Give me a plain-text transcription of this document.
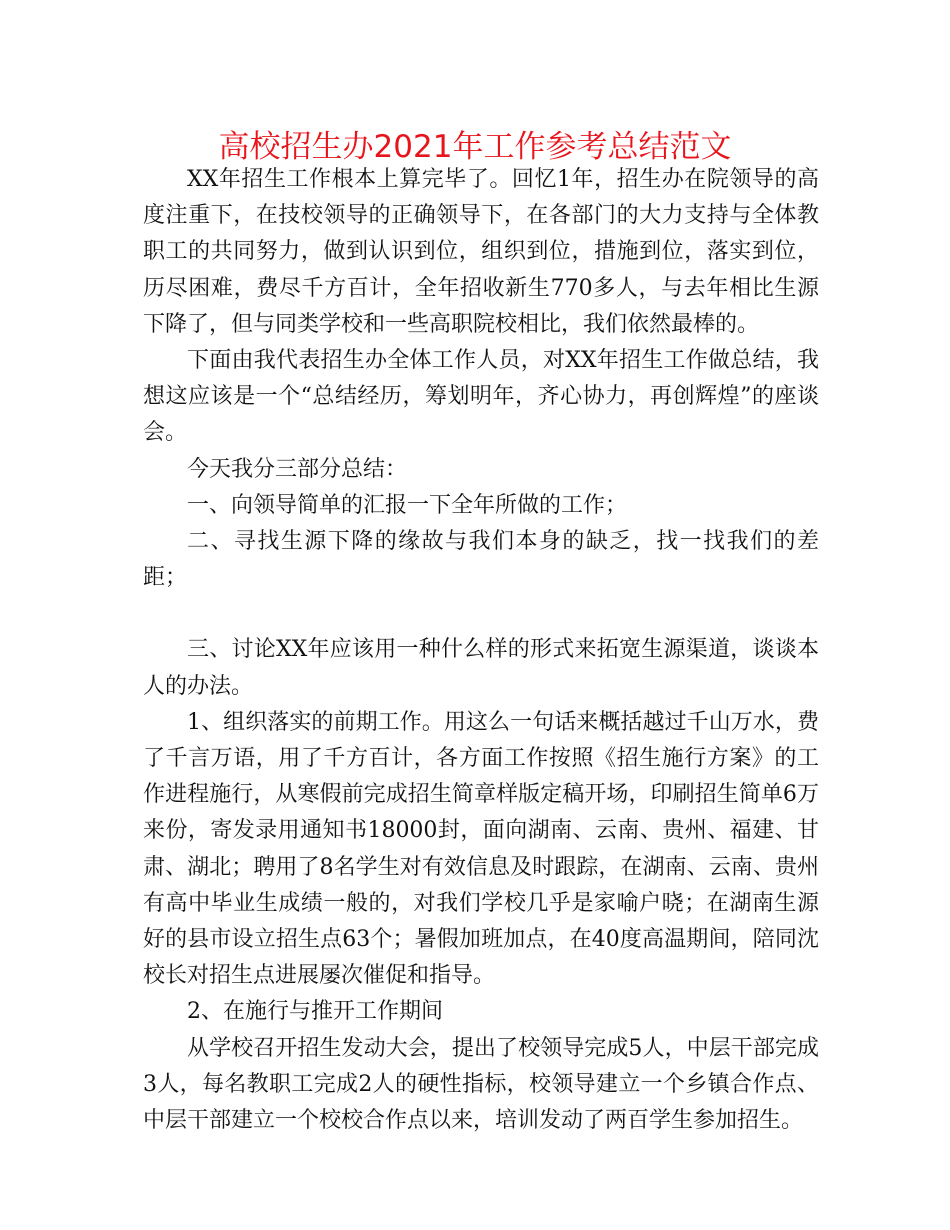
高校招生办2021年工作参考总结范文

XX年招生工作根本上算完毕了。回忆1年，招生办在院领导的高度注重下，在技校领导的正确领导下，在各部门的大力支持与全体教职工的共同努力，做到认识到位，组织到位，措施到位，落实到位，历尽困难，费尽千方百计，全年招收新生770多人，与去年相比生源下降了，但与同类学校和一些高职院校相比，我们依然最棒的。

下面由我代表招生办全体工作人员，对XX年招生工作做总结，我想这应该是一个“总结经历，筹划明年，齐心协力，再创辉煌”的座谈会。

今天我分三部分总结：

一、向领导简单的汇报一下全年所做的工作；

二、寻找生源下降的缘故与我们本身的缺乏，找一找我们的差距；

三、讨论XX年应该用一种什么样的形式来拓宽生源渠道，谈谈本人的办法。

1、组织落实的前期工作。用这么一句话来概括越过千山万水，费了千言万语，用了千方百计，各方面工作按照《招生施行方案》的工作进程施行，从寒假前完成招生简章样版定稿开场，印刷招生简单6万来份，寄发录用通知书18000封，面向湖南、云南、贵州、福建、甘肃、湖北；聘用了8名学生对有效信息及时跟踪，在湖南、云南、贵州有高中毕业生成绩一般的，对我们学校几乎是家喻户晓；在湖南生源好的县市设立招生点63个；暑假加班加点，在40度高温期间，陪同沈校长对招生点进展屡次催促和指导。

2、在施行与推开工作期间

从学校召开招生发动大会，提出了校领导完成5人，中层干部完成3人，每名教职工完成2人的硬性指标，校领导建立一个乡镇合作点、中层干部建立一个校校合作点以来，培训发动了两百学生参加招生。
